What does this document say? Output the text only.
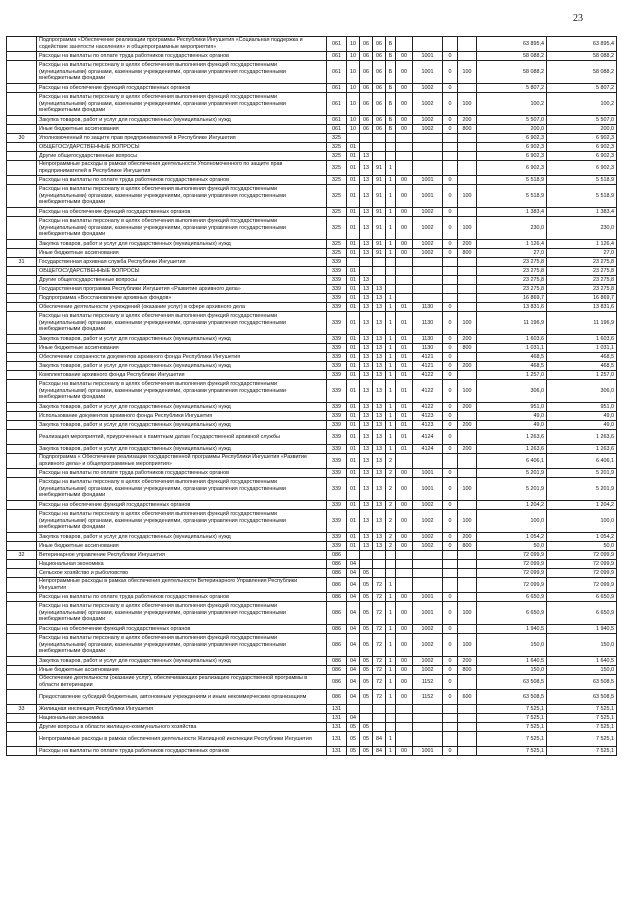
23
	Подпрограмма «Обеспечение реализации программы Республики Ингушетия «Социальная поддержка и содействие занятости населения» и общепрограммные мероприятия»	061	10	06	06	Б					63 895,4	63 895,4
	Расходы на выплаты по оплате труда работников государственных органов	061	10	06	06	Б	00	1001	0		58 088,2	58 088,2
	Расходы на выплаты персоналу в целях обеспечения выполнения функций государственными (муниципальными) органами, казенными учреждениями, органами управления государственными внебюджетными фондами	061	10	06	06	Б	00	1001	0	100	58 088,2	58 088,2
	Расходы на обеспечение функций государственных органов	061	10	06	06	Б	00	1002	0		5 807,2	5 807,2
	Расходы на выплаты персоналу в целях обеспечения выполнения функций государственными (муниципальными) органами, казенными учреждениями, органами управления государственными внебюджетными фондами	061	10	06	06	Б	00	1002	0	100	100,2	100,2
	Закупка товаров, работ и услуг для государственных (муниципальных) нужд	061	10	06	06	Б	00	1002	0	200	5 507,0	5 507,0
	Иные бюджетные ассигнования	061	10	06	06	Б	00	1002	0	800	200,0	200,0
30	Уполномоченный по защите прав предпринимателей в Республике Ингушетия	325									6 902,3	6 902,3
	ОБЩЕГОСУДАРСТВЕННЫЕ ВОПРОСЫ	325	01								6 902,3	6 902,3
	Другие общегосударственные вопросы	325	01	13							6 902,3	6 902,3
	Непрограммные расходы в рамках обеспечения деятельности Уполномоченного по защите прав предпринимателей в Республике Ингушетия	325	01	13	91	1					6 902,3	6 902,3
	Расходы на выплаты по оплате труда работников государственных органов	325	01	13	91	1	00	1001	0		5 518,9	5 518,9
	Расходы на выплаты персоналу в целях обеспечения выполнения функций государственными (муниципальными) органами, казенными учреждениями, органами управления государственными внебюджетными фондами	325	01	13	91	1	00	1001	0	100	5 518,9	5 518,9
	Расходы на обеспечение функций государственных органов	325	01	13	91	1	00	1002	0		1 383,4	1 383,4
	Расходы на выплаты персоналу в целях обеспечения выполнения функций государственными (муниципальными) органами, казенными учреждениями, органами управления государственными внебюджетными фондами	325	01	13	91	1	00	1002	0	100	230,0	230,0
	Закупка товаров, работ и услуг для государственных (муниципальных) нужд	325	01	13	91	1	00	1002	0	200	1 126,4	1 126,4
	Иные бюджетные ассигнования	325	01	13	91	1	00	1002	0	800	27,0	27,0
31	Государственная архивная служба Республики Ингушетия	339									23 275,8	23 275,8
	ОБЩЕГОСУДАРСТВЕННЫЕ ВОПРОСЫ	339	01								23 275,8	23 275,8
	Другие общегосударственные вопросы	339	01	13							23 275,8	23 275,8
	Государственная программа Республики Ингушетия «Развитие архивного дела»	339	01	13	13						23 275,8	23 275,8
	Подпрограмма «Восстановление архивных фондов»	339	01	13	13	1					16 869,7	16 869,7
	Обеспечение деятельности учреждений (оказание услуг) в сфере архивного дела	339	01	13	13	1	01	1130	0		13 831,6	13 831,6
	Расходы на выплаты персоналу в целях обеспечения выполнения функций государственными (муниципальными) органами, казенными учреждениями, органами управления государственными внебюджетными фондами	339	01	13	13	1	01	1130	0	100	11 196,9	11 196,9
	Закупка товаров, работ и услуг для государственных (муниципальных) нужд	339	01	13	13	1	01	1130	0	200	1 603,6	1 603,6
	Иные бюджетные ассигнования	339	01	13	13	1	01	1130	0	800	1 031,1	1 031,1
	Обеспечение сохранности документов архивного фонда Республики Ингушетия	339	01	13	13	1	01	4121	0		468,5	468,5
	Закупка товаров, работ и услуг для государственных (муниципальных) нужд	339	01	13	13	1	01	4121	0	200	468,5	468,5
	Комплектование архивного фонда Республики Ингушетия	339	01	13	13	1	01	4122	0		1 257,0	1 257,0
	Расходы на выплаты персоналу в целях обеспечения выполнения функций государственными (муниципальными) органами, казенными учреждениями, органами управления государственными внебюджетными фондами	339	01	13	13	1	01	4122	0	100	306,0	306,0
	Закупка товаров, работ и услуг для государственных (муниципальных) нужд	339	01	13	13	1	01	4122	0	200	951,0	951,0
	Использование документов архивного фонда Республики Ингушетия	339	01	13	13	1	01	4123	0		49,0	49,0
	Закупка товаров, работ и услуг для государственных (муниципальных) нужд	339	01	13	13	1	01	4123	0	200	49,0	49,0
	Реализация мероприятий, приуроченных к памятным датам Государственной архивной службы	339	01	13	13	1	01	4124	0		1 263,6	1 263,6
	Закупка товаров, работ и услуг для государственных (муниципальных) нужд	339	01	13	13	1	01	4124	0	200	1 263,6	1 263,6
	Подпрограмма « Обеспечение реализации государственной программы Республики Ингушетия «Развитие архивного дела» и общепрограммные мероприятия»	339	01	13	13	2					6 406,1	6 406,1
	Расходы на выплаты по оплате труда работников государственных органов	339	01	13	13	2	00	1001	0		5 201,9	5 201,9
	Расходы на выплаты персоналу в целях обеспечения выполнения функций государственными (муниципальными) органами, казенными учреждениями, органами управления государственными внебюджетными фондами	339	01	13	13	2	00	1001	0	100	5 201,9	5 201,9
	Расходы на обеспечение функций государственных органов	339	01	13	13	2	00	1002	0		1 204,2	1 204,2
	Расходы на выплаты персоналу в целях обеспечения выполнения функций государственными (муниципальными) органами, казенными учреждениями, органами управления государственными внебюджетными фондами	339	01	13	13	2	00	1002	0	100	100,0	100,0
	Закупка товаров, работ и услуг для государственных (муниципальных) нужд	339	01	13	13	2	00	1002	0	200	1 054,2	1 054,2
	Иные бюджетные ассигнования	339	01	13	13	2	00	1002	0	800	50,0	50,0
32	Ветеринарное управление Республики Ингушетия	086									72 099,9	72 099,9
	Национальная экономика	086	04								72 099,9	72 099,9
	Сельское хозяйство и рыболовство	086	04	05							72 099,9	72 099,9
	Непрограммные расходы в рамках обеспечения деятельности Ветеринарного Управления Республики Ингушетия	086	04	05	72	1					72 099,9	72 099,9
	Расходы на выплаты по оплате труда работников государственных органов	086	04	05	72	1	00	1001	0		6 650,9	6 650,9
	Расходы на выплаты персоналу в целях обеспечения выполнения функций государственными (муниципальными) органами, казенными учреждениями, органами управления государственными внебюджетными фондами	086	04	05	72	1	00	1001	0	100	6 650,9	6 650,9
	Расходы на обеспечение функций государственных органов	086	04	05	72	1	00	1002	0		1 940,5	1 940,5
	Расходы на выплаты персоналу в целях обеспечения выполнения функций государственными (муниципальными) органами, казенными учреждениями, органами управления государственными внебюджетными фондами	086	04	05	72	1	00	1002	0	100	150,0	150,0
	Закупка товаров, работ и услуг для государственных (муниципальных) нужд	086	04	05	72	1	00	1002	0	200	1 640,5	1 640,5
	Иные бюджетные ассигнования	086	04	05	72	1	00	1002	0	800	150,0	150,0
	Обеспечение деятельности (оказание услуг), обеспечивающих реализацию государственной программы в области ветеринарии	086	04	05	72	1	00	1152	0		63 508,5	63 508,5
	Предоставление субсидий бюджетным, автономным учреждениям и иным некоммерческим организациям	086	04	05	72	1	00	1152	0	600	63 508,5	63 508,5
33	Жилищная инспекция Республики Ингушетия	131									7 525,1	7 525,1
	Национальная экономика	131	04								7 525,1	7 525,1
	Другие вопросы в области жилищно-коммунального хозяйства	131	05	05							7 525,1	7 525,1
	Непрограммные расходы в рамках обеспечения деятельности Жилищной инспекции Республики Ингушетия	131	05	05	84	1					7 525,1	7 525,1
	Расходы на выплаты по оплате труда работников государственных органов	131	05	05	84	1	00	1001	0		7 525,1	7 525,1
